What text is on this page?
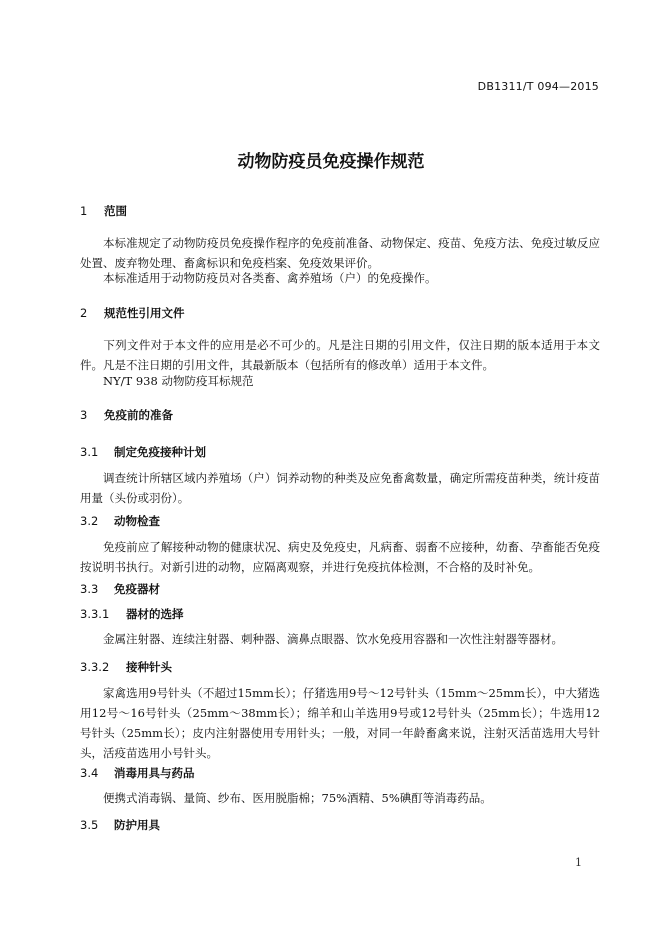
DB1311/T 094—2015
动物防疫员免疫操作规范
1 范围
本标准规定了动物防疫员免疫操作程序的免疫前准备、动物保定、疫苗、免疫方法、免疫过敏反应处置、废弃物处理、畜禽标识和免疫档案、免疫效果评价。
本标准适用于动物防疫员对各类畜、禽养殖场（户）的免疫操作。
2 规范性引用文件
下列文件对于本文件的应用是必不可少的。凡是注日期的引用文件，仅注日期的版本适用于本文件。凡是不注日期的引用文件，其最新版本（包括所有的修改单）适用于本文件。
NY/T 938 动物防疫耳标规范
3 免疫前的准备
3.1 制定免疫接种计划
调查统计所辖区域内养殖场（户）饲养动物的种类及应免畜禽数量，确定所需疫苗种类，统计疫苗用量（头份或羽份）。
3.2 动物检查
免疫前应了解接种动物的健康状况、病史及免疫史，凡病畜、弱畜不应接种，幼畜、孕畜能否免疫按说明书执行。对新引进的动物，应隔离观察，并进行免疫抗体检测，不合格的及时补免。
3.3 免疫器材
3.3.1 器材的选择
金属注射器、连续注射器、刺种器、滴鼻点眼器、饮水免疫用容器和一次性注射器等器材。
3.3.2 接种针头
家禽选用9号针头（不超过15mm长）；仔猪选用9号～12号针头（15mm～25mm长），中大猪选用12号～16号针头（25mm～38mm长）；绵羊和山羊选用9号或12号针头（25mm长）；牛选用12号针头（25mm长）；皮内注射器使用专用针头；一般，对同一年龄畜禽来说，注射灭活苗选用大号针头，活疫苗选用小号针头。
3.4 消毒用具与药品
便携式消毒锅、量筒、纱布、医用脱脂棉；75%酒精、5%碘酊等消毒药品。
3.5 防护用具
1
